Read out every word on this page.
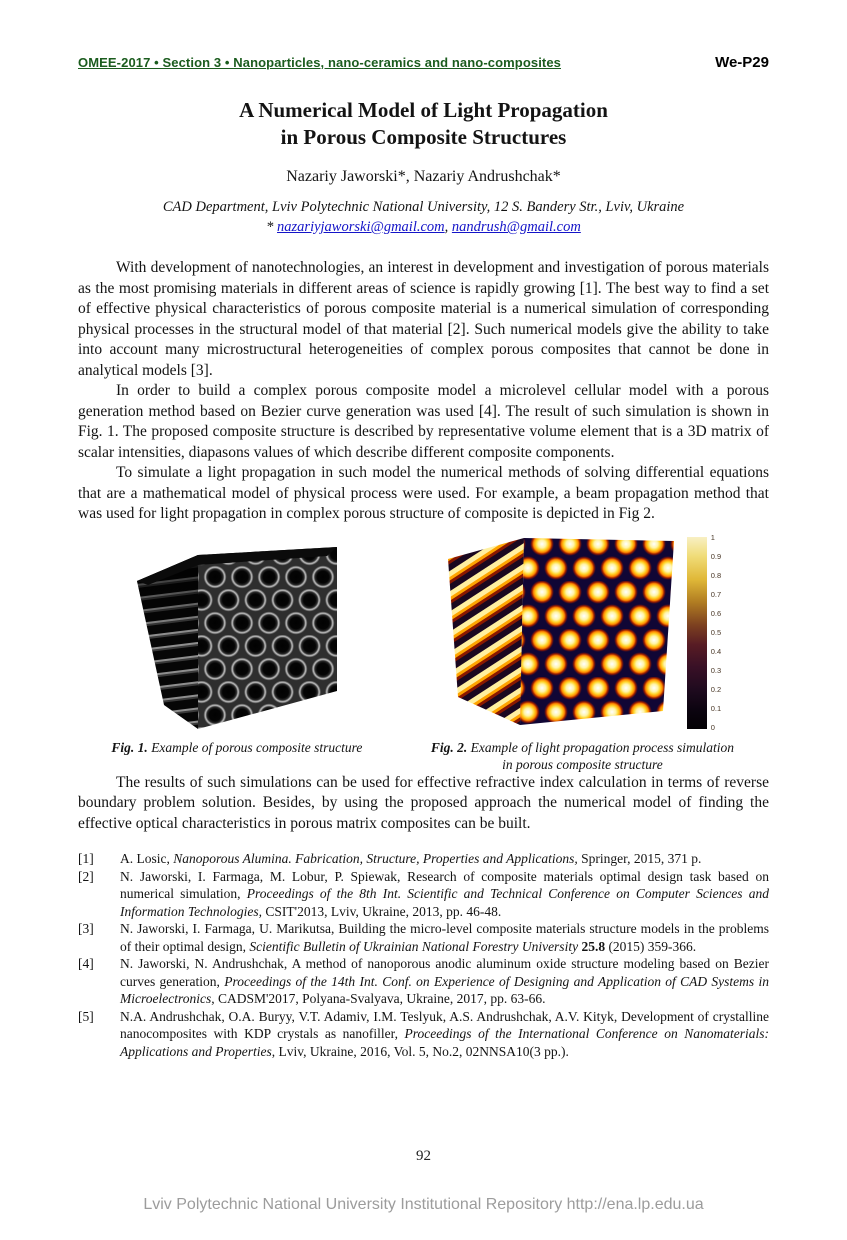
OMEE-2017 • Section 3 • Nanoparticles, nano-ceramics and nano-composites	We-P29
A Numerical Model of Light Propagation
in Porous Composite Structures
Nazariy Jaworski*, Nazariy Andrushchak*
CAD Department, Lviv Polytechnic National University, 12 S. Bandery Str., Lviv, Ukraine
* nazariyjaworski@gmail.com, nandrush@gmail.com

With development of nanotechnologies, an interest in development and investigation of porous materials as the most promising materials in different areas of science is rapidly growing [1]. The best way to find a set of effective physical characteristics of porous composite material is a numerical simulation of corresponding physical processes in the structural model of that material [2]. Such numerical models give the ability to take into account many microstructural heterogeneities of complex porous composites that cannot be done in analytical models [3].

In order to build a complex porous composite model a microlevel cellular model with a porous generation method based on Bezier curve generation was used [4]. The result of such simulation is shown in Fig. 1. The proposed composite structure is described by representative volume element that is a 3D matrix of scalar intensities, diapasons values of which describe different composite components.

To simulate a light propagation in such model the numerical methods of solving differential equations that are a mathematical model of physical process were used. For example, a beam propagation method that was used for light propagation in complex porous structure of composite is depicted in Fig 2.

1
0.9
0.8
0.7
0.6
0.5
0.4
0.3
0.2
0.1
0
Fig. 1. Example of porous composite structure	Fig. 2. Example of light propagation process simulation
in porous composite structure

The results of such simulations can be used for effective refractive index calculation in terms of reverse boundary problem solution. Besides, by using the proposed approach the numerical model of finding the effective optical characteristics in porous matrix composites can be built.

[1]	A. Losic, Nanoporous Alumina. Fabrication, Structure, Properties and Applications, Springer, 2015, 371 p.
[2]	N. Jaworski, I. Farmaga, M. Lobur, P. Spiewak, Research of composite materials optimal design task based on numerical simulation, Proceedings of the 8th Int. Scientific and Technical Conference on Computer Sciences and Information Technologies, CSIT'2013, Lviv, Ukraine, 2013, pp. 46-48.
[3]	N. Jaworski, I. Farmaga, U. Marikutsa, Building the micro-level composite materials structure models in the problems of their optimal design, Scientific Bulletin of Ukrainian National Forestry University 25.8 (2015) 359-366.
[4]	N. Jaworski, N. Andrushchak, A method of nanoporous anodic aluminum oxide structure modeling based on Bezier curves generation, Proceedings of the 14th Int. Conf. on Experience of Designing and Application of CAD Systems in Microelectronics, CADSM'2017, Polyana-Svalyava, Ukraine, 2017, pp. 63-66.
[5]	N.A. Andrushchak, O.A. Buryy, V.T. Adamiv, I.M. Teslyuk, A.S. Andrushchak, A.V. Kityk, Development of crystalline nanocomposites with KDP crystals as nanofiller, Proceedings of the International Conference on Nanomaterials: Applications and Properties, Lviv, Ukraine, 2016, Vol. 5, No.2, 02NNSA10(3 pp.).
92
Lviv Polytechnic National University Institutional Repository http://ena.lp.edu.ua
